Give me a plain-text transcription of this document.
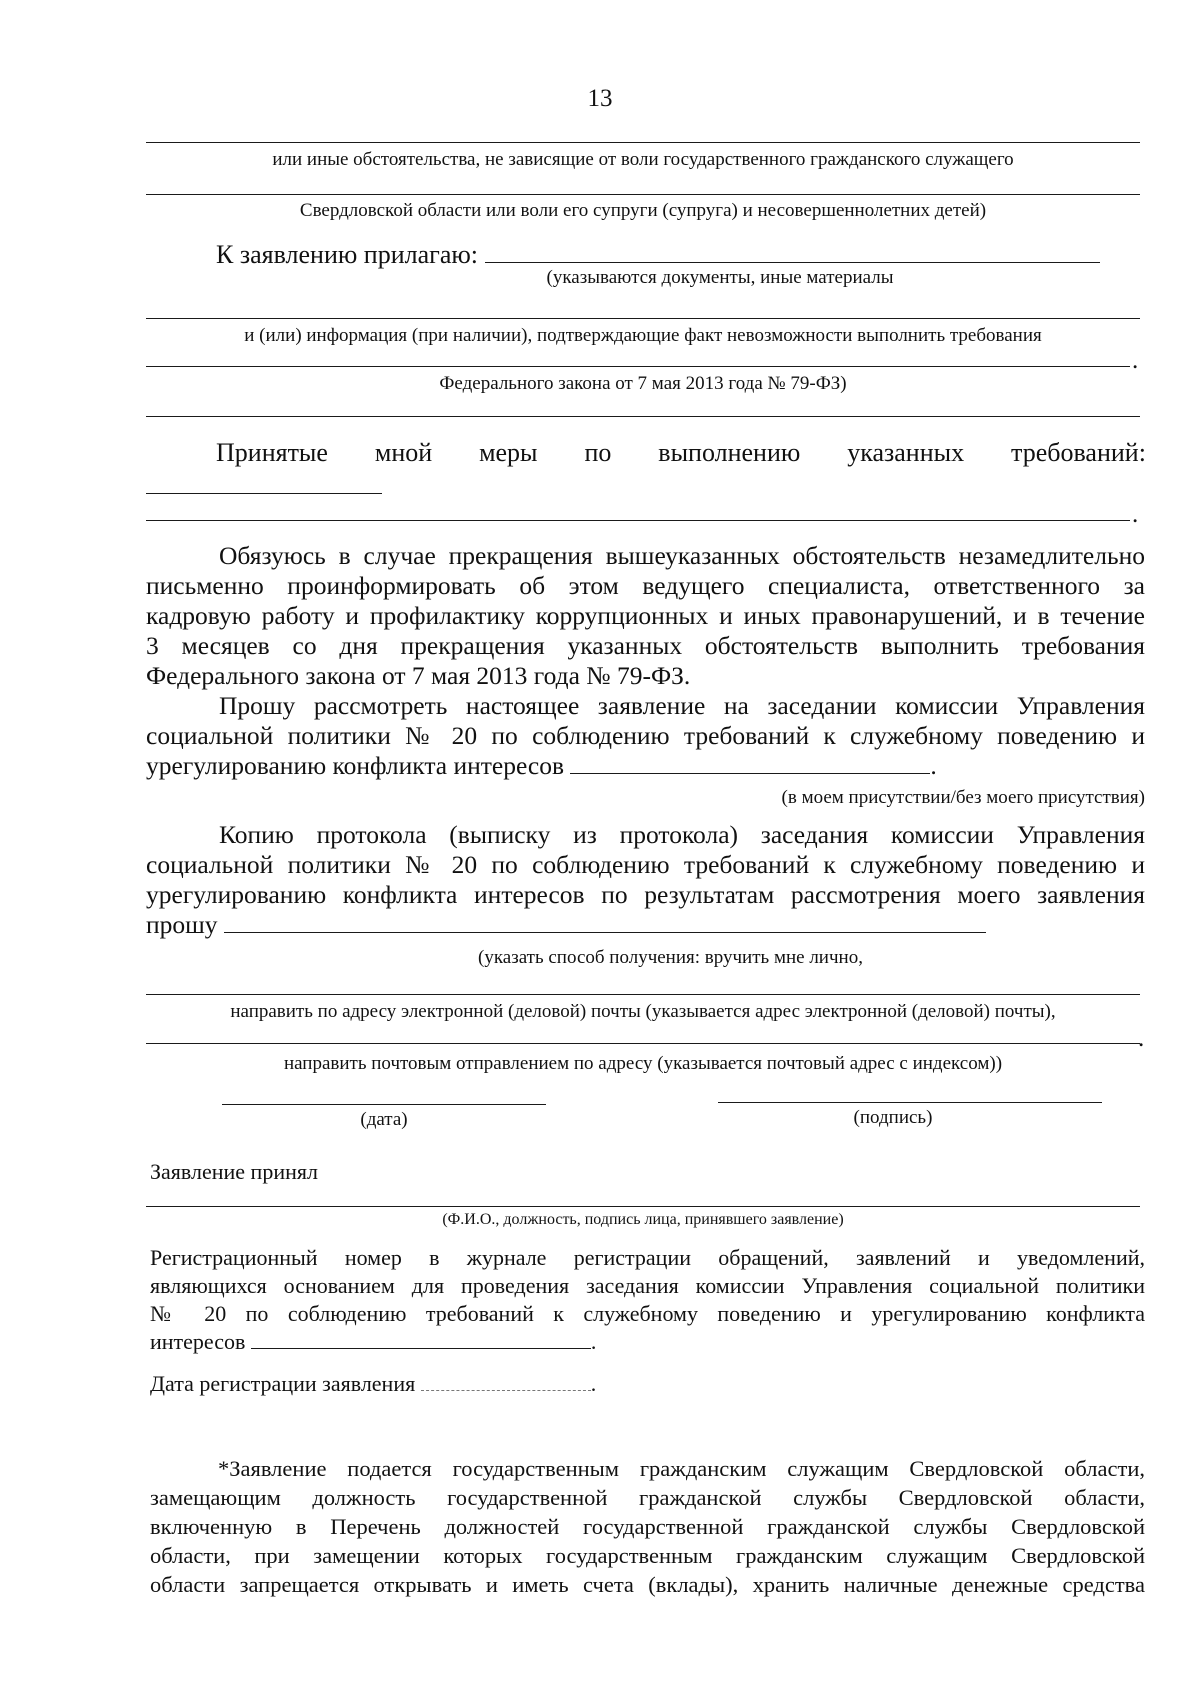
13
или иные обстоятельства, не зависящие от воли государственного гражданского служащего
Свердловской области или воли его супруги (супруга) и несовершеннолетних детей)
К заявлению прилагаю:
(указываются документы, иные материалы
и (или) информация (при наличии), подтверждающие факт невозможности выполнить требования
.
Федерального закона от 7 мая 2013 года № 79-ФЗ)
Принятые мной меры по выполнению указанных требований:
.
Обязуюсь в случае прекращения вышеуказанных обстоятельств незамедлительно
письменно проинформировать об этом ведущего специалиста, ответственного за
кадровую работу и профилактику коррупционных и иных правонарушений, и в течение
3 месяцев со дня прекращения указанных обстоятельств выполнить требования
Федерального закона от 7 мая 2013 года № 79-ФЗ.
Прошу рассмотреть настоящее заявление на заседании комиссии Управления
социальной политики № 20 по соблюдению требований к служебному поведению и
урегулированию конфликта интересов	.
(в моем присутствии/без моего присутствия)
Копию протокола (выписку из протокола) заседания комиссии Управления
социальной политики № 20 по соблюдению требований к служебному поведению и
урегулированию конфликта интересов по результатам рассмотрения моего заявления
прошу
(указать способ получения: вручить мне лично,
направить по адресу электронной (деловой) почты (указывается адрес электронной (деловой) почты),
.
направить почтовым отправлением по адресу (указывается почтовый адрес с индексом))
(дата)	(подпись)
Заявление принял
(Ф.И.О., должность, подпись лица, принявшего заявление)
Регистрационный номер в журнале регистрации обращений, заявлений и уведомлений,
являющихся основанием для проведения заседания комиссии Управления социальной политики
№ 20 по соблюдению требований к служебному поведению и урегулированию конфликта
интересов	.
Дата регистрации заявления	.
*Заявление подается государственным гражданским служащим Свердловской области,
замещающим должность государственной гражданской службы Свердловской области,
включенную в Перечень должностей государственной гражданской службы Свердловской
области, при замещении которых государственным гражданским служащим Свердловской
области запрещается открывать и иметь счета (вклады), хранить наличные денежные средства
